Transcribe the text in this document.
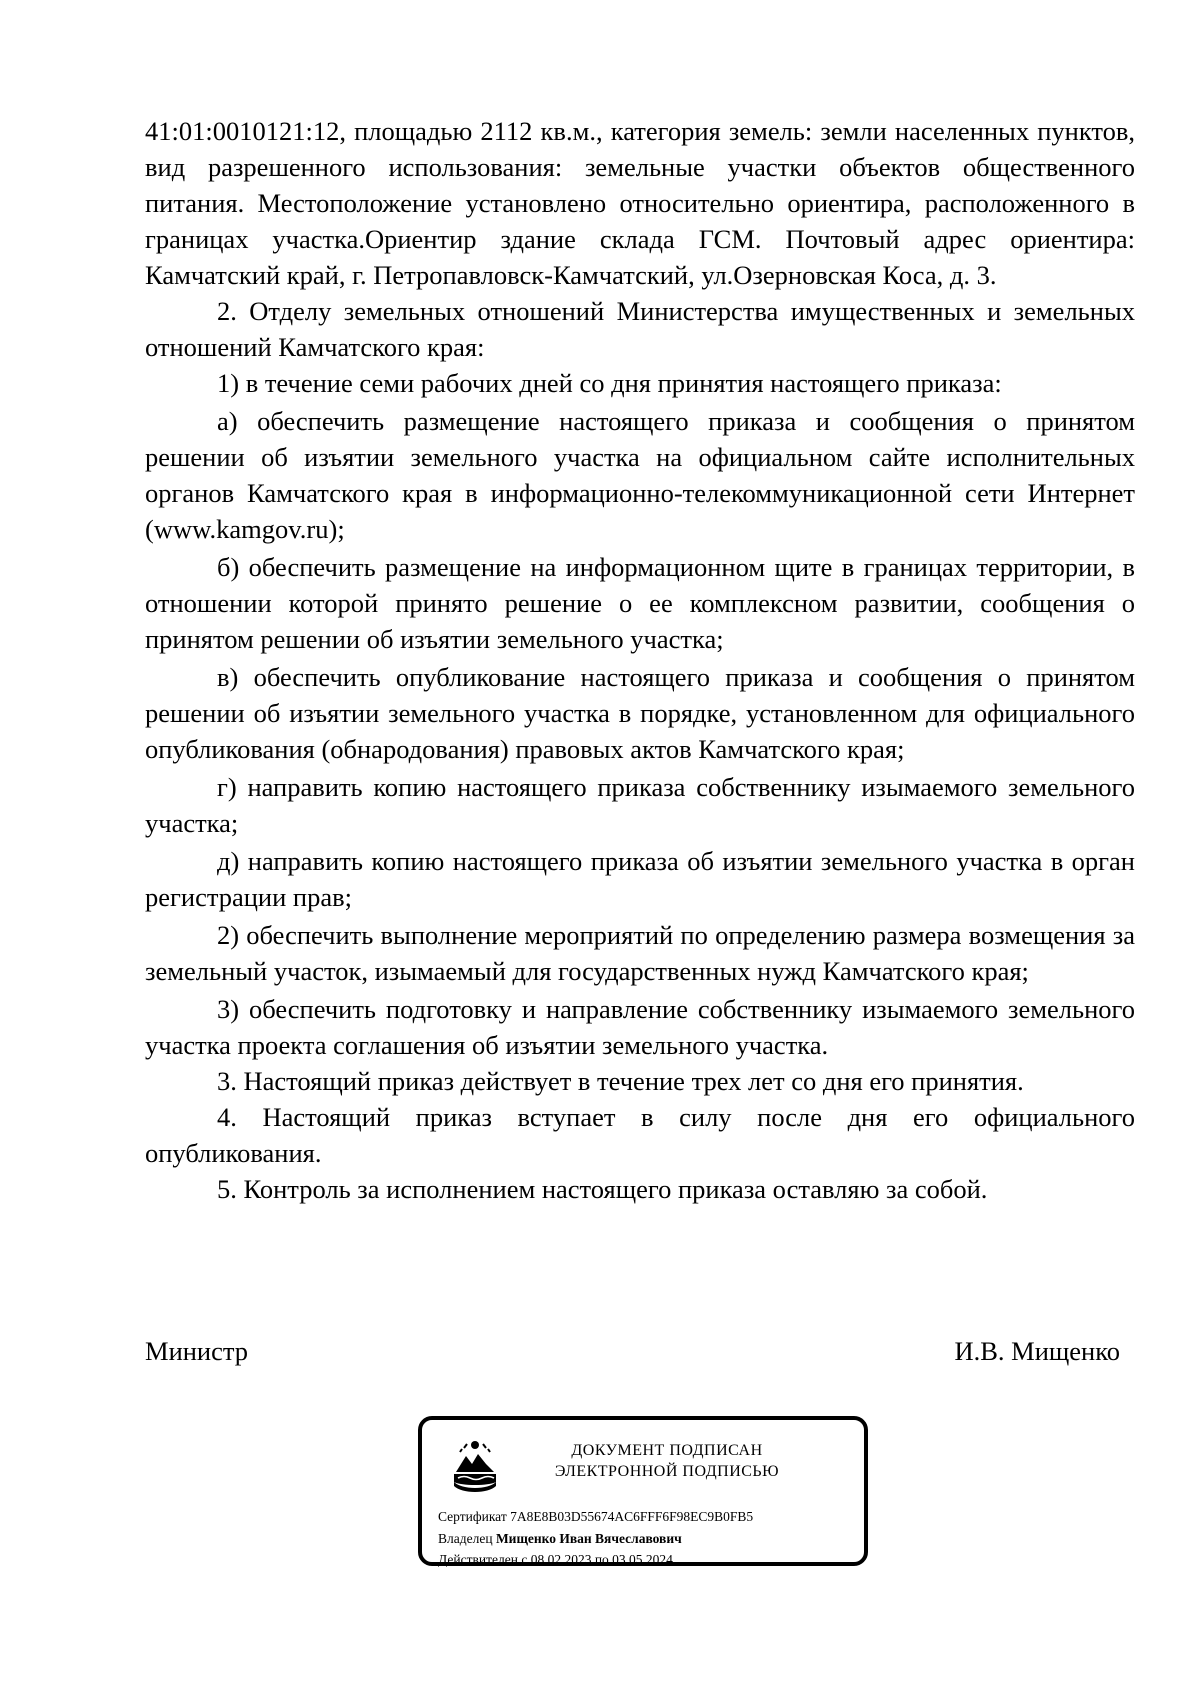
41:01:0010121:12, площадью 2112 кв.м., категория земель: земли населенных пунктов, вид разрешенного использования: земельные участки объектов общественного питания. Местоположение установлено относительно ориентира, расположенного в границах участка.Ориентир здание склада ГСМ. Почтовый адрес ориентира: Камчатский край, г. Петропавловск-Камчатский, ул.Озерновская Коса, д. 3.

2. Отделу земельных отношений Министерства имущественных и земельных отношений Камчатского края:

1) в течение семи рабочих дней со дня принятия настоящего приказа:

а) обеспечить размещение настоящего приказа и сообщения о принятом решении об изъятии земельного участка на официальном сайте исполнительных органов Камчатского края в информационно-телекоммуникационной сети Интернет (www.kamgov.ru);

б) обеспечить размещение на информационном щите в границах территории, в отношении которой принято решение о ее комплексном развитии, сообщения о принятом решении об изъятии земельного участка;

в) обеспечить опубликование настоящего приказа и сообщения о принятом решении об изъятии земельного участка в порядке, установленном для официального опубликования (обнародования) правовых актов Камчатского края;

г) направить копию настоящего приказа собственнику изымаемого земельного участка;

д) направить копию настоящего приказа об изъятии земельного участка в орган регистрации прав;

2) обеспечить выполнение мероприятий по определению размера возмещения за земельный участок, изымаемый для государственных нужд Камчатского края;

3) обеспечить подготовку и направление собственнику изымаемого земельного участка проекта соглашения об изъятии земельного участка.

3. Настоящий приказ действует в течение трех лет со дня его принятия.

4. Настоящий приказ вступает в силу после дня его официального опубликования.

5. Контроль за исполнением настоящего приказа оставляю за собой.

Министр	И.В. Мищенко
ДОКУМЕНТ ПОДПИСАН
ЭЛЕКТРОННОЙ ПОДПИСЬЮ
Сертификат 7A8E8B03D55674AC6FFF6F98EC9B0FB5
Владелец Мищенко Иван Вячеславович
Действителен с 08.02.2023 по 03.05.2024
